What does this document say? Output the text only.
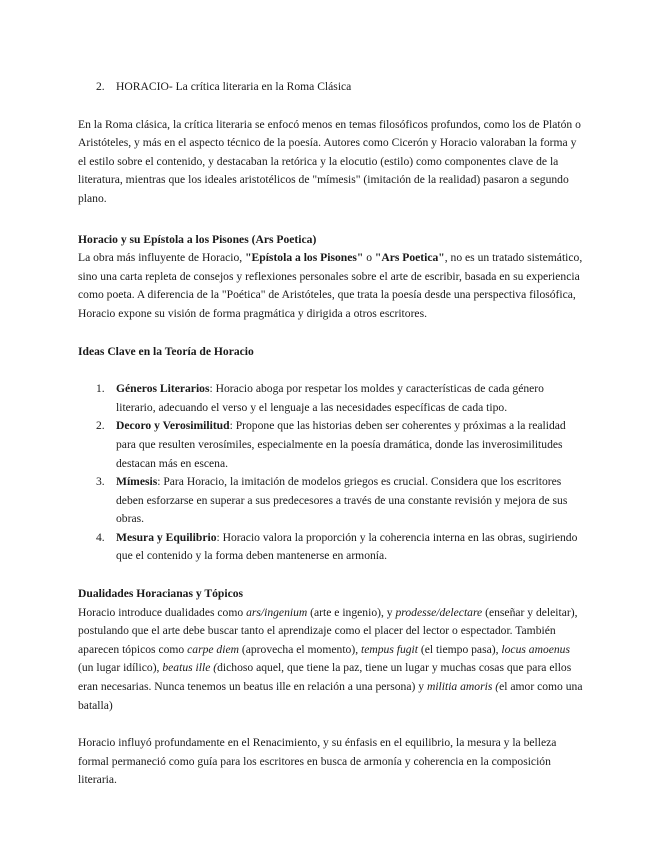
2. HORACIO- La crítica literaria en la Roma Clásica

En la Roma clásica, la crítica literaria se enfocó menos en temas filosóficos profundos, como los de Platón o Aristóteles, y más en el aspecto técnico de la poesía. Autores como Cicerón y Horacio valoraban la forma y el estilo sobre el contenido, y destacaban la retórica y la elocutio (estilo) como componentes clave de la literatura, mientras que los ideales aristotélicos de "mímesis" (imitación de la realidad) pasaron a segundo plano.

Horacio y su Epístola a los Pisones (Ars Poetica)

La obra más influyente de Horacio, "Epístola a los Pisones" o "Ars Poetica", no es un tratado sistemático, sino una carta repleta de consejos y reflexiones personales sobre el arte de escribir, basada en su experiencia como poeta. A diferencia de la "Poética" de Aristóteles, que trata la poesía desde una perspectiva filosófica, Horacio expone su visión de forma pragmática y dirigida a otros escritores.

Ideas Clave en la Teoría de Horacio

1. Géneros Literarios: Horacio aboga por respetar los moldes y características de cada género literario, adecuando el verso y el lenguaje a las necesidades específicas de cada tipo.
2. Decoro y Verosimilitud: Propone que las historias deben ser coherentes y próximas a la realidad para que resulten verosímiles, especialmente en la poesía dramática, donde las inverosimilitudes destacan más en escena.
3. Mímesis: Para Horacio, la imitación de modelos griegos es crucial. Considera que los escritores deben esforzarse en superar a sus predecesores a través de una constante revisión y mejora de sus obras.
4. Mesura y Equilibrio: Horacio valora la proporción y la coherencia interna en las obras, sugiriendo que el contenido y la forma deben mantenerse en armonía.

Dualidades Horacianas y Tópicos

Horacio introduce dualidades como ars/ingenium (arte e ingenio), y prodesse/delectare (enseñar y deleitar), postulando que el arte debe buscar tanto el aprendizaje como el placer del lector o espectador. También aparecen tópicos como carpe diem (aprovecha el momento), tempus fugit (el tiempo pasa), locus amoenus (un lugar idílico), beatus ille (dichoso aquel, que tiene la paz, tiene un lugar y muchas cosas que para ellos eran necesarias. Nunca tenemos un beatus ille en relación a una persona) y militia amoris (el amor como una batalla)

Horacio influyó profundamente en el Renacimiento, y su énfasis en el equilibrio, la mesura y la belleza formal permaneció como guía para los escritores en busca de armonía y coherencia en la composición literaria.
